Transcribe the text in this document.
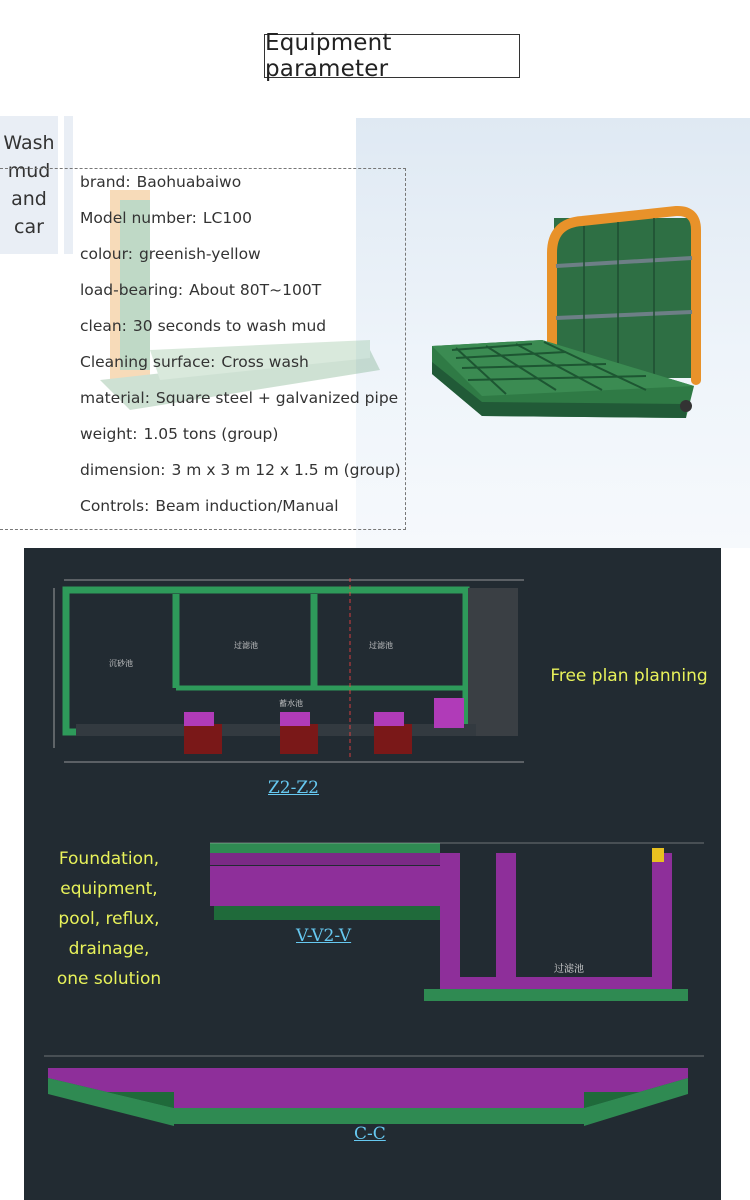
Equipment parameter
Wash
mud
and
car
brand: Baohuabaiwo
Model number: LC100
colour: greenish-yellow
load-bearing: About 80T~100T
clean: 30 seconds to wash mud
Cleaning surface: Cross wash
material: Square steel + galvanized pipe
weight: 1.05 tons (group)
dimension: 3 m x 3 m 12 x 1.5 m (group)
Controls: Beam induction/Manual
沉砂池
过滤池	过滤池
蓄水池
过滤池
Free plan planning
Foundation,
equipment,
pool, reflux,
drainage,
one solution
Z2-Z2
V-V2-V
C-C
